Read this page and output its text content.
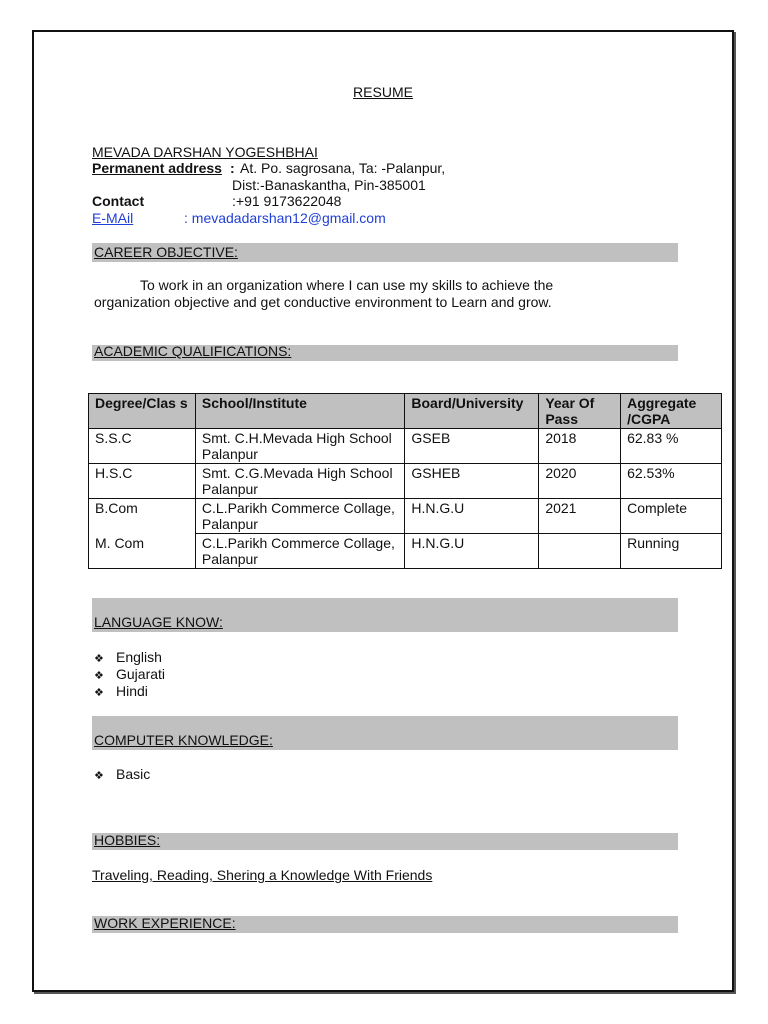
RESUME
MEVADA DARSHAN YOGESHBHAI
Permanent address : At. Po. sagrosana, Ta: -Palanpur,
Dist:-Banaskantha, Pin-385001
Contact	:+91 9173622048
E-MAil	: mevadadarshan12@gmail.com
CAREER OBJECTIVE:
To work in an organization where I can use my skills to achieve the
organization objective and get conductive environment to Learn and grow.
ACADEMIC QUALIFICATIONS:
Degree/Clas s	School/Institute	Board/University	Year Of Pass	Aggregate /CGPA
S.S.C	Smt. C.H.Mevada High School Palanpur	GSEB	2018	62.83 %
H.S.C	Smt. C.G.Mevada High School Palanpur	GSHEB	2020	62.53%
B.Com	C.L.Parikh Commerce Collage, Palanpur	H.N.G.U	2021	Complete
M. Com	C.L.Parikh Commerce Collage, Palanpur	H.N.G.U		Running
LANGUAGE KNOW:
❖ English
❖ Gujarati
❖ Hindi
COMPUTER KNOWLEDGE:
❖ Basic
HOBBIES:
Traveling, Reading, Shering a Knowledge With Friends
WORK EXPERIENCE:
